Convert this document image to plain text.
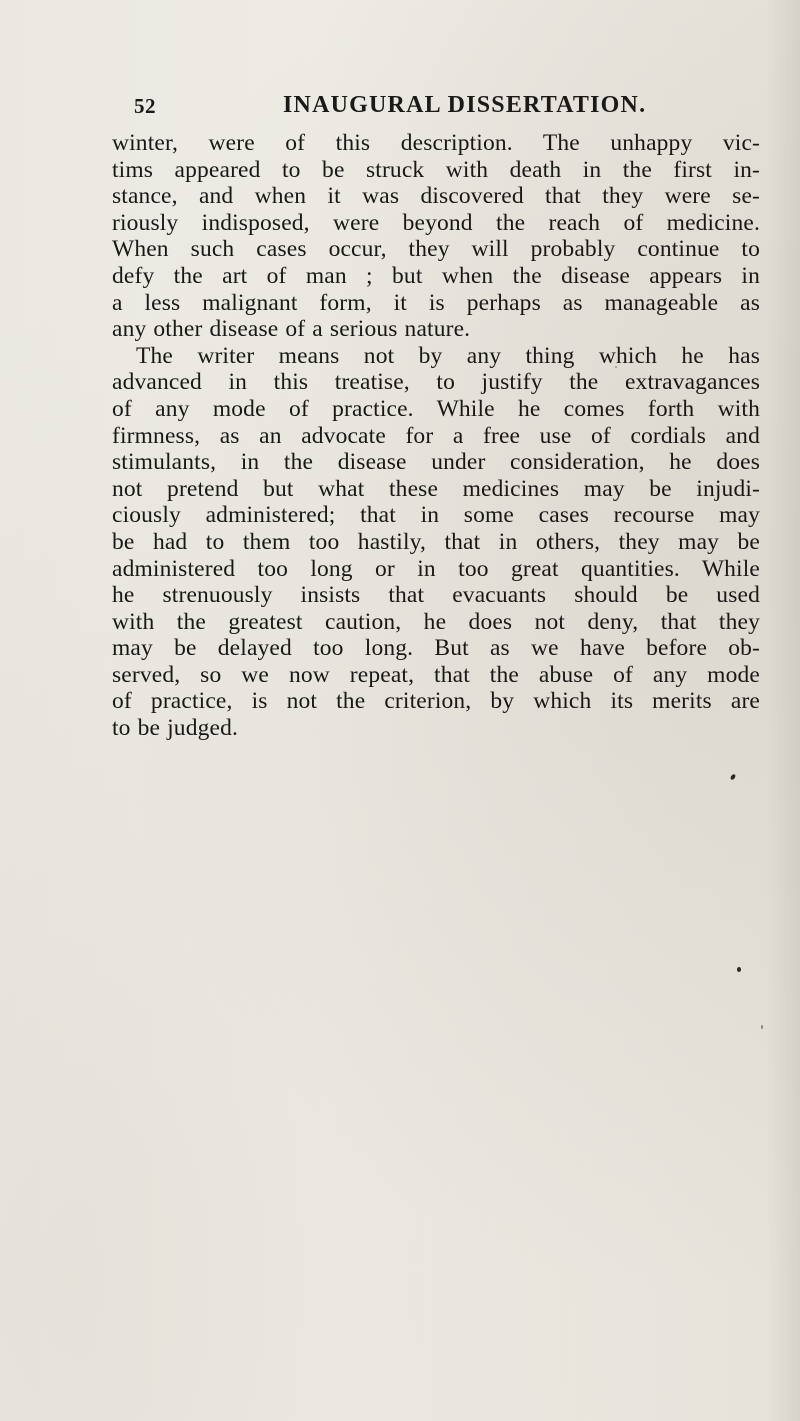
52	INAUGURAL DISSERTATION.
winter, were of this description. The unhappy vic-
tims appeared to be struck with death in the first in-
stance, and when it was discovered that they were se-
riously indisposed, were beyond the reach of medicine.
When such cases occur, they will probably continue to
defy the art of man ; but when the disease appears in
a less malignant form, it is perhaps as manageable as
any other disease of a serious nature.
The writer means not by any thing which he has
advanced in this treatise, to justify the extravagances
of any mode of practice. While he comes forth with
firmness, as an advocate for a free use of cordials and
stimulants, in the disease under consideration, he does
not pretend but what these medicines may be injudi-
ciously administered; that in some cases recourse may
be had to them too hastily, that in others, they may be
administered too long or in too great quantities. While
he strenuously insists that evacuants should be used
with the greatest caution, he does not deny, that they
may be delayed too long. But as we have before ob-
served, so we now repeat, that the abuse of any mode
of practice, is not the criterion, by which its merits are
to be judged.
